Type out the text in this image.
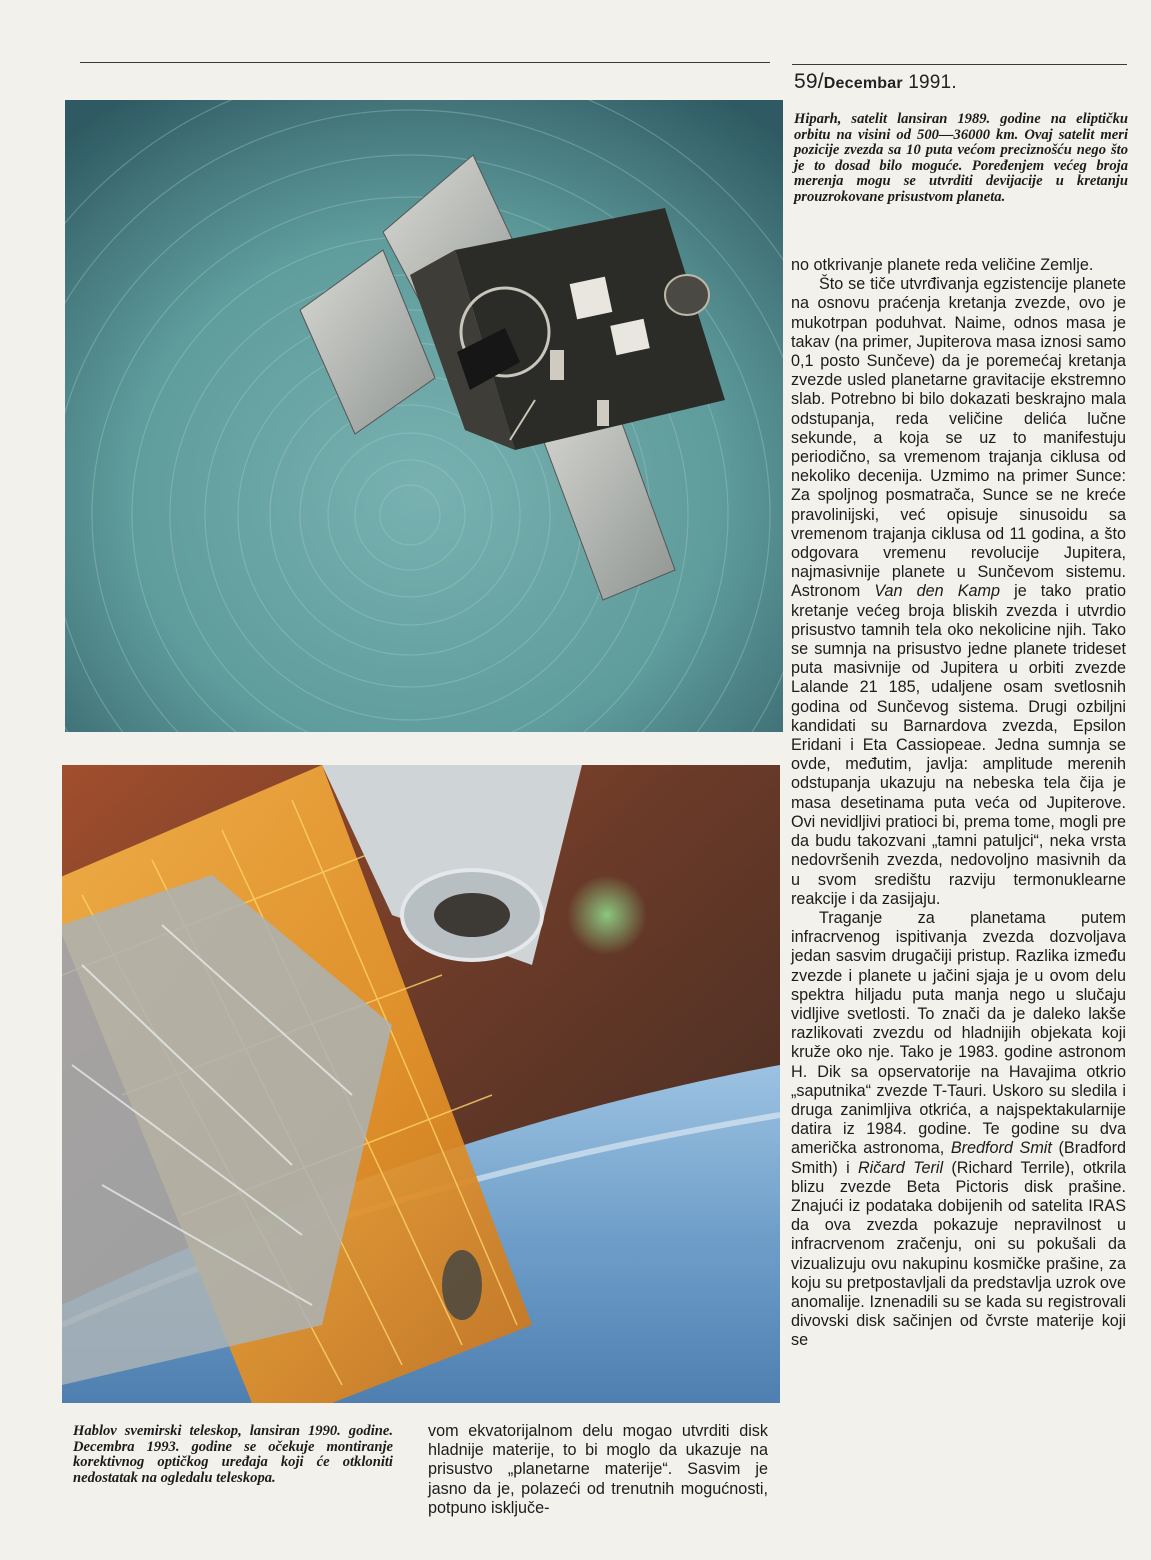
59/Decembar 1991.

Hiparh, satelit lansiran 1989. godine na eliptičku orbitu na visini od 500—36000 km. Ovaj satelit meri pozicije zvezda sa 10 puta većom preciznošću nego što je to dosad bilo moguće. Poređenjem većeg broja merenja mogu se utvrditi devijacije u kretanju prouzrokovane prisustvom planeta.

no otkrivanje planete reda veličine Zemlje.

Što se tiče utvrđivanja egzistencije planete na osnovu praćenja kretanja zvezde, ovo je mukotrpan poduhvat. Naime, odnos masa je takav (na primer, Jupiterova masa iznosi samo 0,1 posto Sunčeve) da je poremećaj kretanja zvezde usled planetarne gravitacije ekstremno slab. Potrebno bi bilo dokazati beskrajno mala odstupanja, reda veličine delića lučne sekunde, a koja se uz to manifestuju periodično, sa vremenom trajanja ciklusa od nekoliko decenija. Uzmimo na primer Sunce: Za spoljnog posmatrača, Sunce se ne kreće pravolinijski, već opisuje sinusoidu sa vremenom trajanja ciklusa od 11 godina, a što odgovara vremenu revolucije Jupitera, najmasivnije planete u Sunčevom sistemu. Astronom Van den Kamp je tako pratio kretanje većeg broja bliskih zvezda i utvrdio prisustvo tamnih tela oko nekolicine njih. Tako se sumnja na prisustvo jedne planete trideset puta masivnije od Jupitera u orbiti zvezde Lalande 21 185, udaljene osam svetlosnih godina od Sunčevog sistema. Drugi ozbiljni kandidati su Barnardova zvezda, Epsilon Eridani i Eta Cassiopeae. Jedna sumnja se ovde, međutim, javlja: amplitude merenih odstupanja ukazuju na nebeska tela čija je masa desetinama puta veća od Jupiterove. Ovi nevidljivi pratioci bi, prema tome, mogli pre da budu takozvani „tamni patuljci“, neka vrsta nedovršenih zvezda, nedovoljno masivnih da u svom središtu razviju termonuklearne reakcije i da zasijaju.

Traganje za planetama putem infracrvenog ispitivanja zvezda dozvoljava jedan sasvim drugačiji pristup. Razlika između zvezde i planete u jačini sjaja je u ovom delu spektra hiljadu puta manja nego u slučaju vidljive svetlosti. To znači da je daleko lakše razlikovati zvezdu od hladnijih objekata koji kruže oko nje. Tako je 1983. godine astronom H. Dik sa opservatorije na Havajima otkrio „saputnika“ zvezde T-Tauri. Uskoro su sledila i druga zanimljiva otkrića, a najspektakularnije datira iz 1984. godine. Te godine su dva američka astronoma, Bredford Smit (Bradford Smith) i Ričard Teril (Richard Terrile), otkrila blizu zvezde Beta Pictoris disk prašine. Znajući iz podataka dobijenih od satelita IRAS da ova zvezda pokazuje nepravilnost u infracrvenom zračenju, oni su pokušali da vizualizuju ovu nakupinu kosmičke prašine, za koju su pretpostavljali da predstavlja uzrok ove anomalije. Iznenadili su se kada su registrovali divovski disk sačinjen od čvrste materije koji se

vom ekvatorijalnom delu mogao utvrditi disk hladnije materije, to bi moglo da ukazuje na prisustvo „planetarne materije“. Sasvim je jasno da je, polazeći od trenutnih mogućnosti, potpuno isključe-

Hablov svemirski teleskop, lansiran 1990. godine. Decembra 1993. godine se očekuje montiranje korektivnog optičkog uređaja koji će otkloniti nedostatak na ogledalu teleskopa.
